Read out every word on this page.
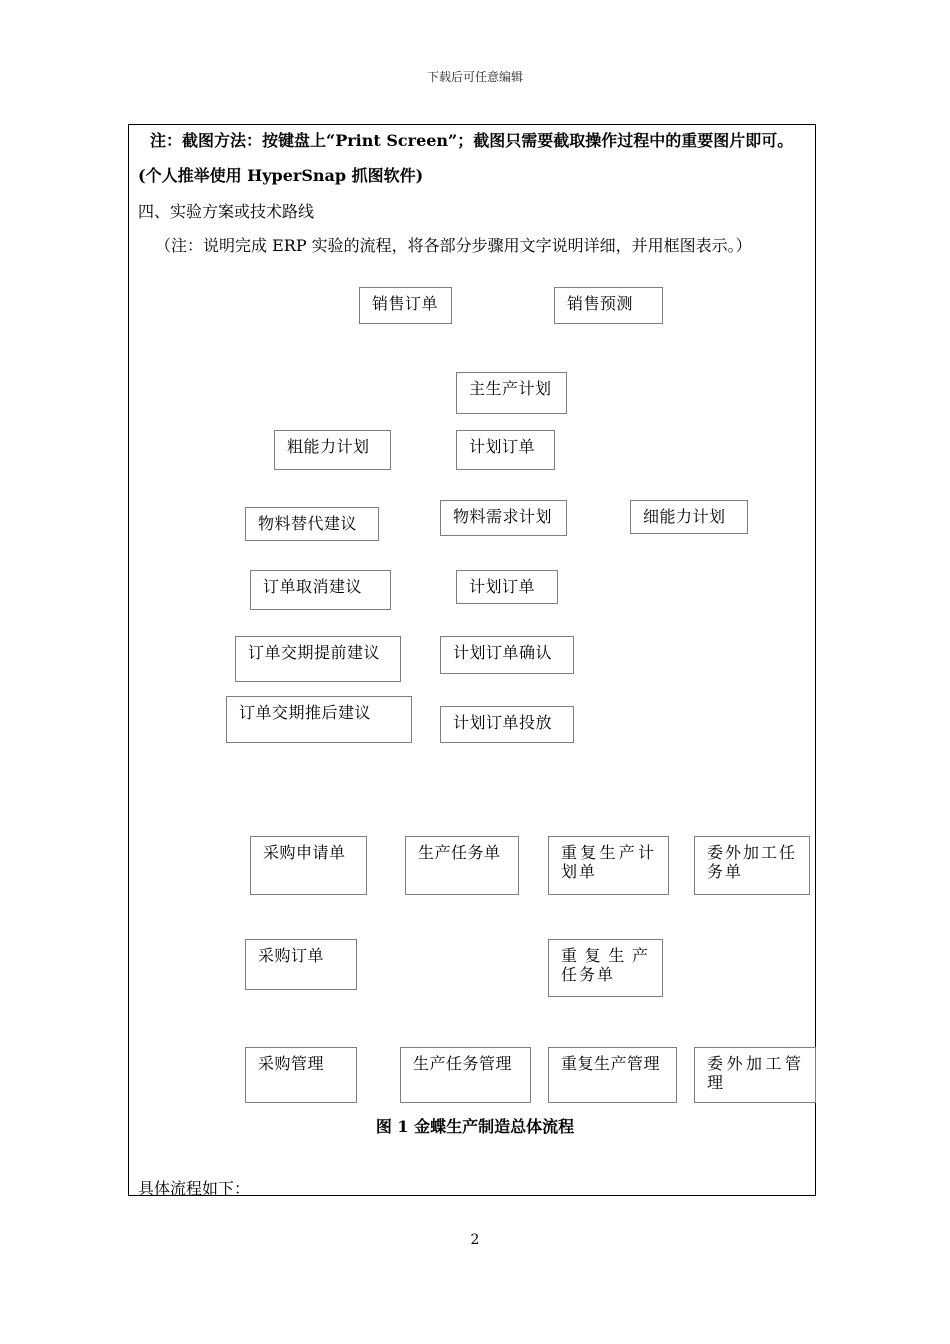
下载后可任意编辑
注：截图方法：按键盘上“Print Screen”；截图只需要截取操作过程中的重要图片即可。
(个人推举使用 HyperSnap 抓图软件)
四、实验方案或技术路线
（注：说明完成 ERP 实验的流程，将各部分步骤用文字说明详细，并用框图表示。）
销售订单	销售预测
主生产计划
粗能力计划	计划订单
物料替代建议	物料需求计划	细能力计划
订单取消建议	计划订单
订单交期提前建议	计划订单确认
订单交期推后建议
计划订单投放
采购申请单	生产任务单	重复生产计划单
委外加工任务单
采购订单	重复生产任务单
采购管理	生产任务管理	重复生产管理	委外加工管理
图 1 金蝶生产制造总体流程
具体流程如下：
2
